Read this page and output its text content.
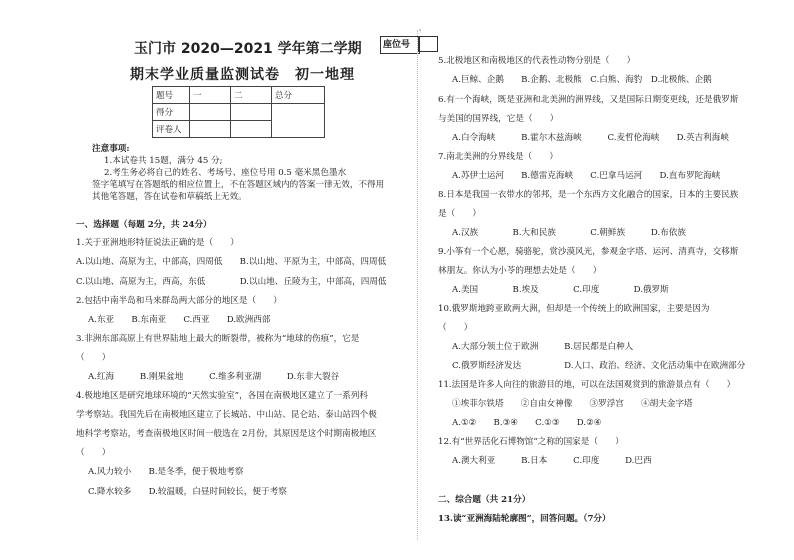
玉门市 2020—2021 学年第二学期
期末学业质量监测试卷　初一地理
座位号
题号	一	二	总分
得分			
评卷人			
注意事项:
1.本试卷共 15题，满分 45 分;
2.考生务必将自己的姓名、考场号、座位号用 0.5 毫米黑色墨水
签字笔填写在答题纸的相应位置上，不在答题区域内的答案一律无效，不得用
其他笔答题，答在试卷和草稿纸上无效。
一、选择题（每题 2分，共 24分）
1.关于亚洲地形特征说法正确的是（　　）
A.以山地、高原为主，中部高，四周低　　B.以山地、平原为主，中部高，四周低
C.以山地、高原为主，西高，东低　　　　D.以山地、丘陵为主，中部高，四周低
2.包括中南半岛和马来群岛两大部分的地区是（　　）
A.东亚　　B.东南亚　　C.西亚　　D.欧洲西部
3.非洲东部高原上有世界陆地上最大的断裂带，被称为“地球的伤痕”，它是
（　　）
A.红海　　　B.刚果盆地　　　C.维多利亚湖　　　D.东非大裂谷
4.极地地区是研究地球环境的“天然实验室”，各国在南极地区建立了一系列科
学考察站。我国先后在南极地区建立了长城站、中山站、昆仑站、泰山站四个极
地科学考察站，考查南极地区时间一般选在 2月份，其原因是这个时期南极地区
（　　）
A.风力较小　　B.是冬季，便于极地考察
C.降水较多　　D.较温暖，白昼时间较长，便于考察
'
5.北极地区和南极地区的代表性动物分别是（　　）
A.巨鲸、企鹅　　B.企鹅、北极熊　C.白熊、海豹　D.北极熊、企鹅
6.有一个海峡，既是亚洲和北美洲的洲界线，又是国际日期变更线，还是俄罗斯
与美国的国界线，它是（　　）
A.白令海峡　　　B.霍尔木兹海峡　　　C.麦哲伦海峡　　D.英吉利海峡
7.南北美洲的分界线是（　　）
A.苏伊士运河　　B.德雷克海峡　　C.巴拿马运河　　D.直布罗陀海峡
8.日本是我国一衣带水的邻邦，是一个东西方文化融合的国家，日本的主要民族
是（　　）
A.汉族　　　　B.大和民族　　　　C.朝鲜族　　　D.布依族
9.小筝有一个心愿，骑骆驼，赏沙漠风光，参观金字塔、运河、清真寺，交移斯
林朋友。你认为小苓的理想去处是（　　）
A.美国　　　　B.埃及　　　　C.印度　　　　D.俄罗斯
10.俄罗斯地跨亚欧两大洲，但却是一个传统上的欧洲国家，主要是因为
（　　）
A.大部分领土位于欧洲　　　B.居民都是白种人
C.俄罗斯经济发达　　　　　D.人口、政治、经济、文化活动集中在欧洲部分
11.法国是许多人向往的旅游目的地，可以在法国观赏到的旅游景点有（　　）
①埃菲尔铁塔　　②自由女神像　　③罗浮宫　　④胡夫金字塔
A.①②　　B.③④　　C.①③　　D.②④
12.有“世界活化石博物馆”之称的国家是（　　）
A.澳大利亚　　　B.日本　　　C.印度　　　D.巴西
二、综合题（共 21分）
13.读“亚洲海陆轮廓图”，回答问题。（7分）
